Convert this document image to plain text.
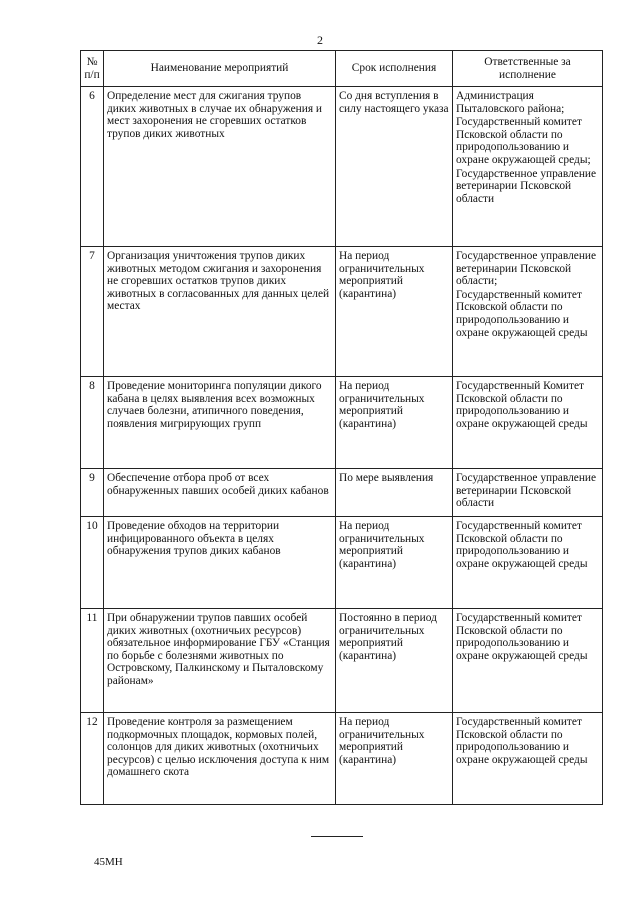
2
№ п/п	Наименование мероприятий	Срок исполнения	Ответственные за исполнение
6	Определение мест для сжигания трупов диких животных в случае их обнаружения и мест захоронения не сгоревших остатков трупов диких животных	Со дня вступления в силу настоящего указа	Администрация Пыталовского района;
Государственный комитет Псковской области по природопользованию и охране окружающей среды;
Государственное управление ветеринарии Псковской области

7	Организация уничтожения трупов диких животных методом сжигания и захоронения не сгоревших остатков трупов диких животных в согласованных для данных целей местах	На период ограничительных мероприятий (карантина)	Государственное управление ветеринарии Псковской области;
Государственный комитет Псковской области по природопользованию и охране окружающей среды

8	Проведение мониторинга популяции дикого кабана в целях выявления всех возможных случаев болезни, атипичного поведения, появления мигрирующих групп	На период ограничительных мероприятий (карантина)	Государственный Комитет Псковской области по природопользованию и охране окружающей среды

9	Обеспечение отбора проб от всех обнаруженных павших особей диких кабанов	По мере выявления	Государственное управление ветеринарии Псковской области

10	Проведение обходов на территории инфицированного объекта в целях обнаружения трупов диких кабанов	На период ограничительных мероприятий (карантина)	Государственный комитет Псковской области по природопользованию и охране окружающей среды

11	При обнаружении трупов павших особей диких животных (охотничьих ресурсов) обязательное информирование ГБУ «Станция по борьбе с болезнями животных по Островскому, Палкинскому и Пыталовскому районам»	Постоянно в период ограничительных мероприятий (карантина)	Государственный комитет Псковской области по природопользованию и охране окружающей среды

12	Проведение контроля за размещением подкормочных площадок, кормовых полей, солонцов для диких животных (охотничьих ресурсов) с целью исключения доступа к ним домашнего скота	На период ограничительных мероприятий (карантина)	Государственный комитет Псковской области по природопользованию и охране окружающей среды
45МН
